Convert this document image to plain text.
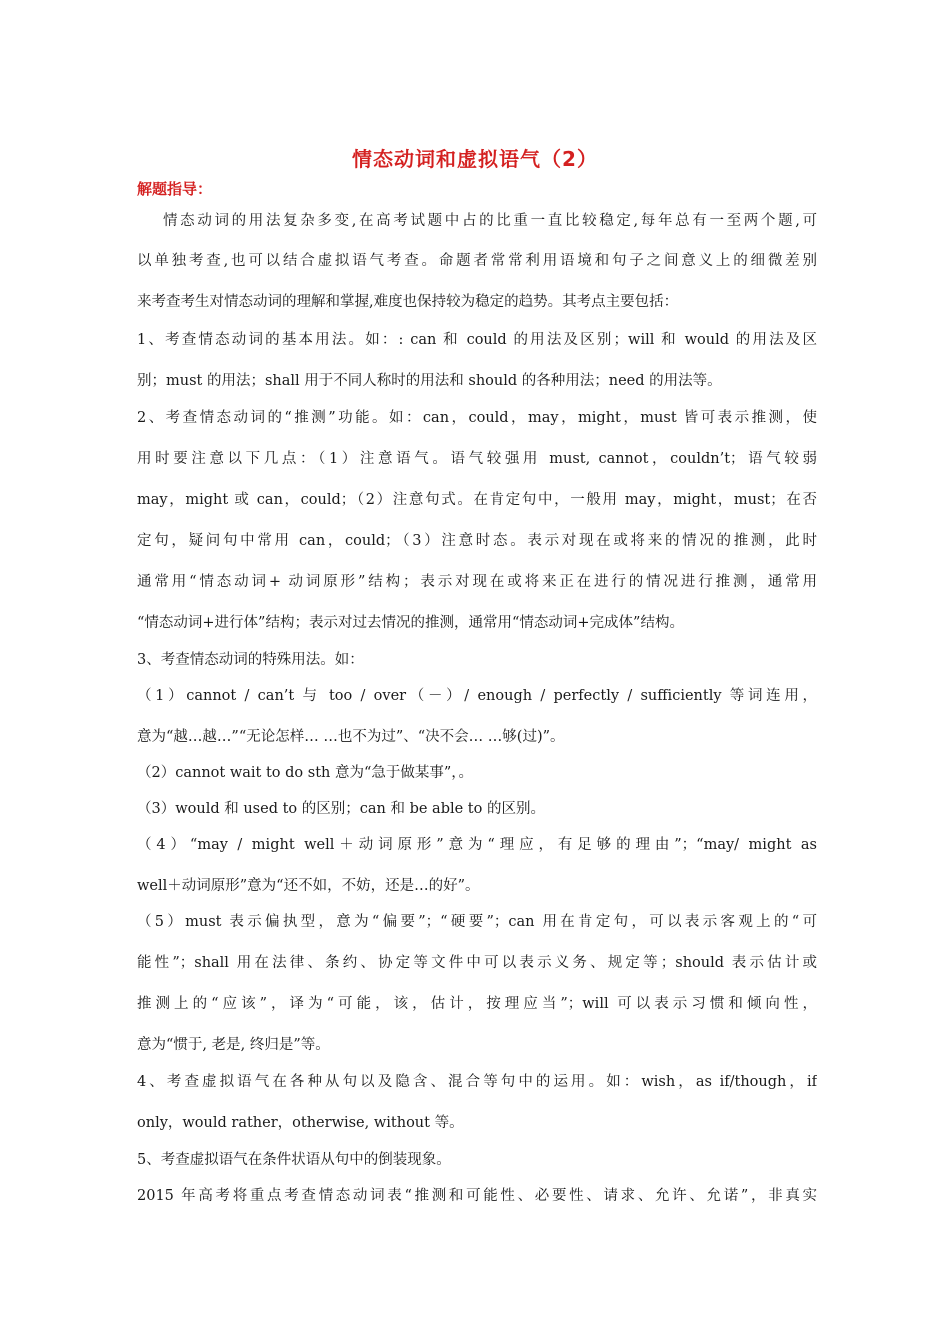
情态动词和虚拟语气（2）
解题指导：
情态动词的用法复杂多变,在高考试题中占的比重一直比较稳定,每年总有一至两个题,可
以单独考查,也可以结合虚拟语气考查。命题者常常利用语境和句子之间意义上的细微差别
来考查考生对情态动词的理解和掌握,难度也保持较为稳定的趋势。其考点主要包括：
1、考查情态动词的基本用法。如：: can 和 could 的用法及区别；will 和 would 的用法及区
别；must 的用法；shall 用于不同人称时的用法和 should 的各种用法；need 的用法等。
2、考查情态动词的“推测”功能。如：can，could，may，might，must 皆可表示推测，使
用时要注意以下几点：（1）注意语气。语气较强用 must, cannot，couldn’t；语气较弱
may，might 或 can，could；（2）注意句式。在肯定句中，一般用 may，might，must；在否
定句，疑问句中常用 can，could；（3）注意时态。表示对现在或将来的情况的推测，此时
通常用“情态动词+ 动词原形”结构；表示对现在或将来正在进行的情况进行推测，通常用
“情态动词+进行体”结构；表示对过去情况的推测，通常用“情态动词+完成体”结构。
3、考查情态动词的特殊用法。如：
（1）cannot / can’t 与 too / over（－）/ enough / perfectly / sufficiently 等词连用，
意为“越…越…”“无论怎样… …也不为过”、“决不会… …够(过)”。
（2）cannot wait to do sth 意为“急于做某事”，。
（3）would 和 used to 的区别；can 和 be able to 的区别。
（4）“may / might well＋动词原形”意为“理应，有足够的理由”；“may/ might as
well＋动词原形”意为“还不如，不妨，还是…的好”。
（5）must 表示偏执型，意为“偏要”；“硬要”；can 用在肯定句，可以表示客观上的“可
能性”；shall 用在法律、条约、协定等文件中可以表示义务、规定等；should 表示估计或
推测上的“应该”，译为“可能，该，估计，按理应当”；will 可以表示习惯和倾向性，
意为“惯于, 老是, 终归是”等。
4、考查虚拟语气在各种从句以及隐含、混合等句中的运用。如：wish，as if/though，if
only，would rather，otherwise, without 等。
5、考查虚拟语气在条件状语从句中的倒装现象。
2015 年高考将重点考查情态动词表“推测和可能性、必要性、请求、允许、允诺”，非真实
